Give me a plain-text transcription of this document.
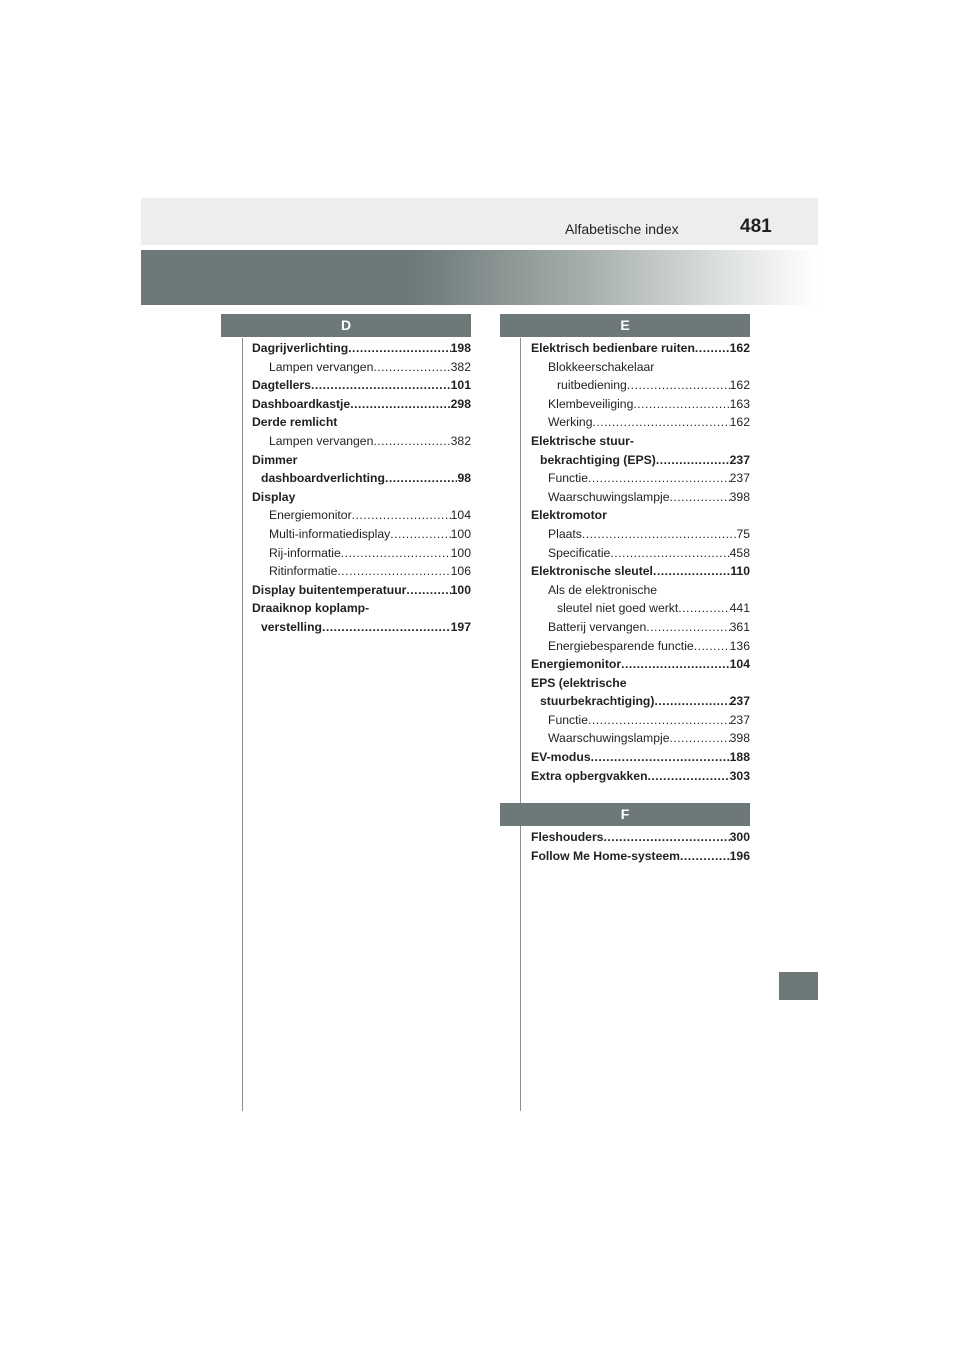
Alfabetische index	481
D
Dagrijverlichting .....	198
Lampen vervangen .....	382
Dagtellers .....	101
Dashboardkastje .....	298
Derde remlicht
Lampen vervangen .....	382
Dimmer
dashboardverlichting .....	98
Display
Energiemonitor .....	104
Multi-informatiedisplay .....	100
Rij-informatie .....	100
Ritinformatie .....	106
Display buitentemperatuur .....	100
Draaiknop koplamp-
verstelling .....	197
E
Elektrisch bedienbare ruiten .....	162
Blokkeerschakelaar
ruitbediening .....	162
Klembeveiliging .....	163
Werking .....	162
Elektrische stuur-
bekrachtiging (EPS) .....	237
Functie .....	237
Waarschuwingslampje .....	398
Elektromotor
Plaats .....	75
Specificatie .....	458
Elektronische sleutel .....	110
Als de elektronische
sleutel niet goed werkt .....	441
Batterij vervangen .....	361
Energiebesparende functie .....	136
Energiemonitor .....	104
EPS (elektrische
stuurbekrachtiging) .....	237
Functie .....	237
Waarschuwingslampje .....	398
EV-modus .....	188
Extra opbergvakken .....	303
F
Fleshouders .....	300
Follow Me Home-systeem .....	196
